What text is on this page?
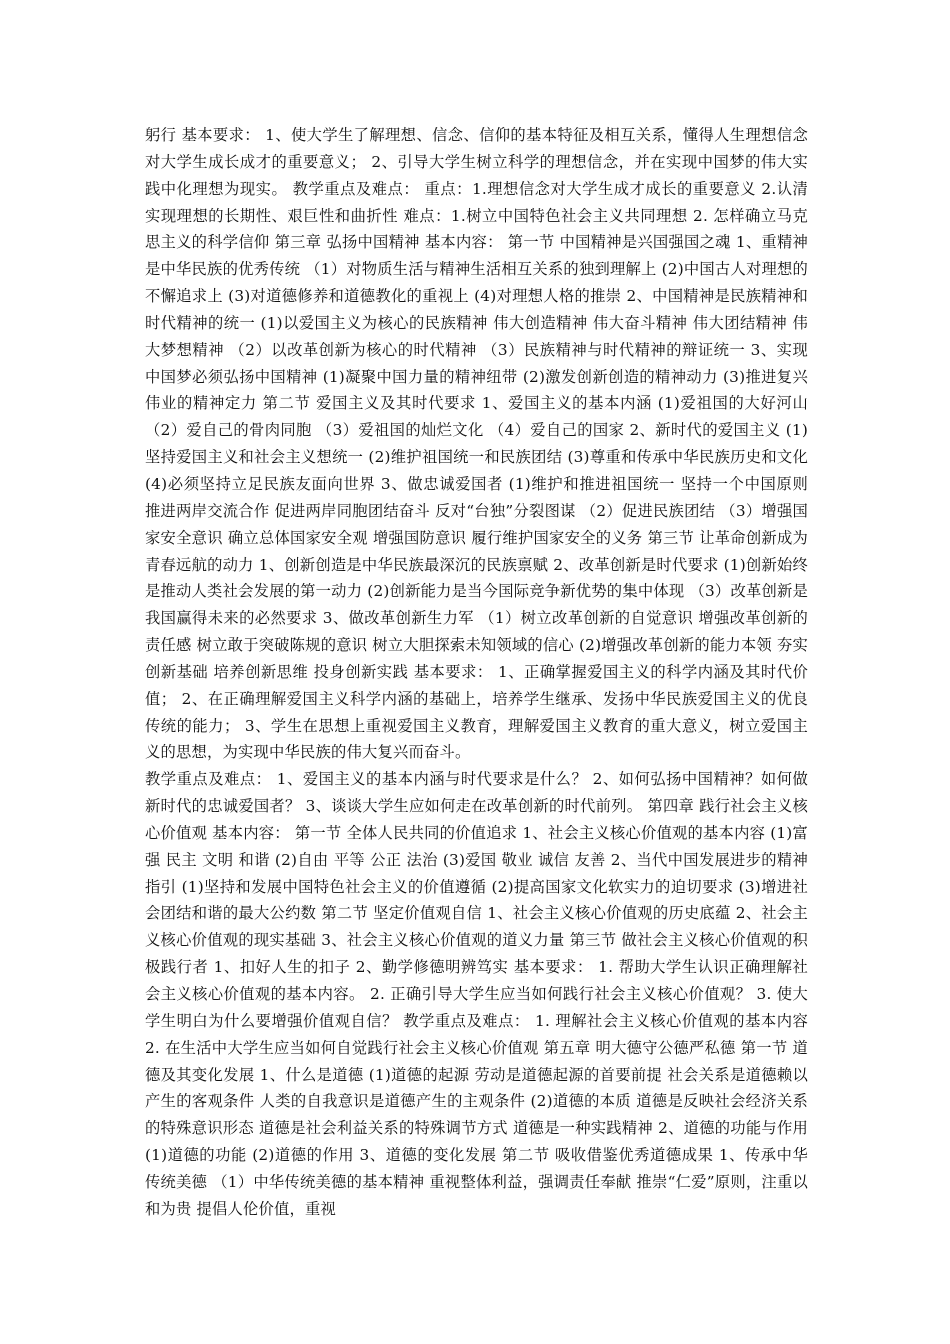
躬行 基本要求： 1、使大学生了解理想、信念、信仰的基本特征及相互关系，懂得人生理想信念对大学生成长成才的重要意义； 2、引导大学生树立科学的理想信念，并在实现中国梦的伟大实践中化理想为现实。 教学重点及难点： 重点：1.理想信念对大学生成才成长的重要意义 2.认清实现理想的长期性、艰巨性和曲折性 难点：1.树立中国特色社会主义共同理想 2. 怎样确立马克思主义的科学信仰 第三章 弘扬中国精神 基本内容： 第一节 中国精神是兴国强国之魂 1、重精神是中华民族的优秀传统 （1）对物质生活与精神生活相互关系的独到理解上 (2)中国古人对理想的不懈追求上 (3)对道德修养和道德教化的重视上 (4)对理想人格的推崇 2、中国精神是民族精神和时代精神的统一 (1)以爱国主义为核心的民族精神 伟大创造精神 伟大奋斗精神 伟大团结精神 伟大梦想精神 （2）以改革创新为核心的时代精神 （3）民族精神与时代精神的辩证统一 3、实现中国梦必须弘扬中国精神 (1)凝聚中国力量的精神纽带 (2)激发创新创造的精神动力 (3)推进复兴伟业的精神定力 第二节 爱国主义及其时代要求 1、爱国主义的基本内涵 (1)爱祖国的大好河山 （2）爱自己的骨肉同胞 （3）爱祖国的灿烂文化 （4）爱自己的国家 2、新时代的爱国主义 (1)坚持爱国主义和社会主义想统一 (2)维护祖国统一和民族团结 (3)尊重和传承中华民族历史和文化 (4)必须坚持立足民族友面向世界 3、做忠诚爱国者 (1)维护和推进祖国统一 坚持一个中国原则 推进两岸交流合作 促进两岸同胞团结奋斗 反对“台独”分裂图谋 （2）促进民族团结 （3）增强国家安全意识 确立总体国家安全观 增强国防意识 履行维护国家安全的义务 第三节 让革命创新成为青春远航的动力 1、创新创造是中华民族最深沉的民族禀赋 2、改革创新是时代要求 (1)创新始终是推动人类社会发展的第一动力 (2)创新能力是当今国际竞争新优势的集中体现 （3）改革创新是我国赢得未来的必然要求 3、做改革创新生力军 （1）树立改革创新的自觉意识 增强改革创新的责任感 树立敢于突破陈规的意识 树立大胆探索未知领域的信心 (2)增强改革创新的能力本领 夯实创新基础 培养创新思维 投身创新实践 基本要求： 1、正确掌握爱国主义的科学内涵及其时代价值； 2、在正确理解爱国主义科学内涵的基础上，培养学生继承、发扬中华民族爱国主义的优良传统的能力； 3、学生在思想上重视爱国主义教育，理解爱国主义教育的重大意义，树立爱国主义的思想，为实现中华民族的伟大复兴而奋斗。

教学重点及难点： 1、爱国主义的基本内涵与时代要求是什么？ 2、如何弘扬中国精神？如何做新时代的忠诚爱国者？ 3、谈谈大学生应如何走在改革创新的时代前列。 第四章 践行社会主义核心价值观 基本内容： 第一节 全体人民共同的价值追求 1、社会主义核心价值观的基本内容 (1)富强 民主 文明 和谐 (2)自由 平等 公正 法治 (3)爱国 敬业 诚信 友善 2、当代中国发展进步的精神指引 (1)坚持和发展中国特色社会主义的价值遵循 (2)提高国家文化软实力的迫切要求 (3)增进社会团结和谐的最大公约数 第二节 坚定价值观自信 1、社会主义核心价值观的历史底蕴 2、社会主义核心价值观的现实基础 3、社会主义核心价值观的道义力量 第三节 做社会主义核心价值观的积极践行者 1、扣好人生的扣子 2、勤学修德明辨笃实 基本要求： 1. 帮助大学生认识正确理解社会主义核心价值观的基本内容。 2. 正确引导大学生应当如何践行社会主义核心价值观？ 3. 使大学生明白为什么要增强价值观自信？ 教学重点及难点： 1. 理解社会主义核心价值观的基本内容 2. 在生活中大学生应当如何自觉践行社会主义核心价值观 第五章 明大德守公德严私德 第一节 道德及其变化发展 1、什么是道德 (1)道德的起源 劳动是道德起源的首要前提 社会关系是道德赖以产生的客观条件 人类的自我意识是道德产生的主观条件 (2)道德的本质 道德是反映社会经济关系的特殊意识形态 道德是社会利益关系的特殊调节方式 道德是一种实践精神 2、道德的功能与作用 (1)道德的功能 (2)道德的作用 3、道德的变化发展 第二节 吸收借鉴优秀道德成果 1、传承中华传统美德 （1）中华传统美德的基本精神 重视整体利益，强调责任奉献 推崇“仁爱”原则，注重以和为贵 提倡人伦价值，重视
